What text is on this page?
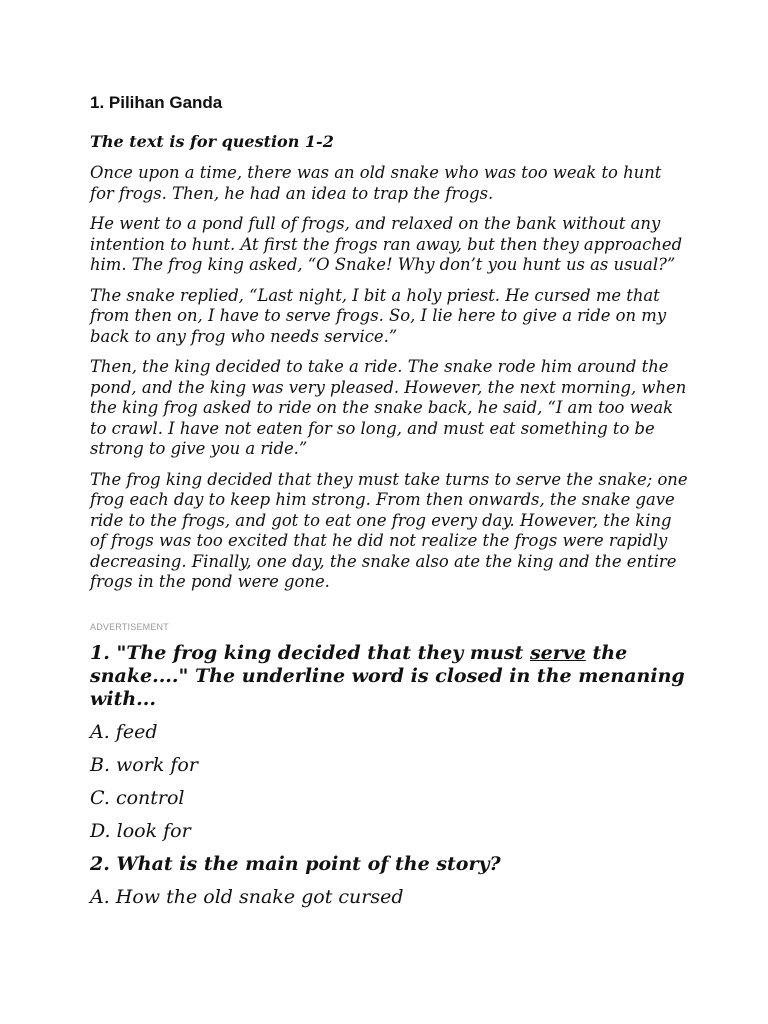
1. Pilihan Ganda

The text is for question 1-2

Once upon a time, there was an old snake who was too weak to hunt for frogs. Then, he had an idea to trap the frogs.

He went to a pond full of frogs, and relaxed on the bank without any intention to hunt. At first the frogs ran away, but then they approached him. The frog king asked, “O Snake! Why don’t you hunt us as usual?”

The snake replied, “Last night, I bit a holy priest. He cursed me that from then on, I have to serve frogs. So, I lie here to give a ride on my back to any frog who needs service.”

Then, the king decided to take a ride. The snake rode him around the pond, and the king was very pleased. However, the next morning, when the king frog asked to ride on the snake back, he said, “I am too weak to crawl. I have not eaten for so long, and must eat something to be strong to give you a ride.”

The frog king decided that they must take turns to serve the snake; one frog each day to keep him strong. From then onwards, the snake gave ride to the frogs, and got to eat one frog every day. However, the king of frogs was too excited that he did not realize the frogs were rapidly decreasing. Finally, one day, the snake also ate the king and the entire frogs in the pond were gone.

ADVERTISEMENT

1. "The frog king decided that they must serve the snake...." The underline word is closed in the menaning with...

A. feed

B. work for

C. control

D. look for

2. What is the main point of the story?

A. How the old snake got cursed
